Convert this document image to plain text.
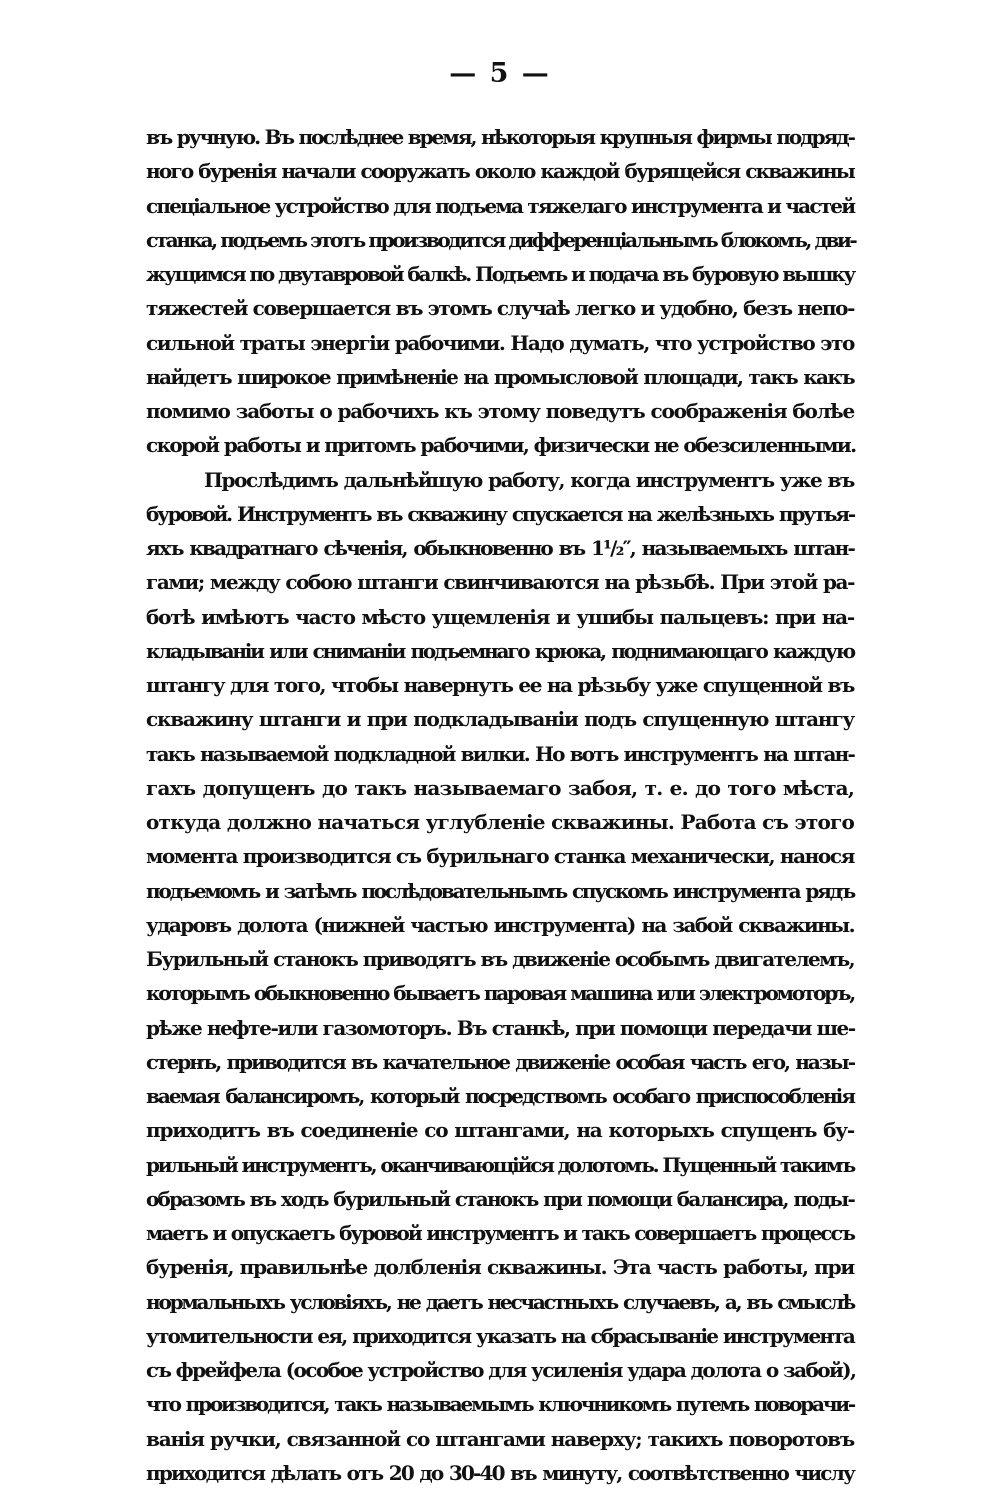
— 5 —
въ ручную. Въ послѣднее время, нѣкоторыя крупныя фирмы подряд-
ного буренія начали сооружать около каждой бурящейся скважины
спеціальное устройство для подъема тяжелаго инструмента и частей
станка, подъемъ этотъ производится дифференціальнымъ блокомъ, дви-
жущимся по двутавровой балкѣ. Подъемъ и подача въ буровую вышку
тяжестей совершается въ этомъ случаѣ легко и удобно, безъ непо-
сильной траты энергіи рабочими. Надо думать, что устройство это
найдетъ широкое примѣненіе на промысловой площади, такъ какъ
помимо заботы о рабочихъ къ этому поведутъ соображенія болѣе
скорой работы и притомъ рабочими, физически не обезсиленными.
Прослѣдимъ дальнѣйшую работу, когда инструментъ уже въ
буровой. Инструментъ въ скважину спускается на желѣзныхъ прутья-
яхъ квадратнаго сѣченія, обыкновенно въ 1¹/₂″, называемыхъ штан-
гами; между собою штанги свинчиваются на рѣзьбѣ. При этой ра-
ботѣ имѣютъ часто мѣсто ущемленія и ушибы пальцевъ: при на-
кладываніи или сниманіи подъемнаго крюка, поднимающаго каждую
штангу для того, чтобы навернуть ее на рѣзьбу уже спущенной въ
скважину штанги и при подкладываніи подъ спущенную штангу
такъ называемой подкладной вилки. Но вотъ инструментъ на штан-
гахъ допущенъ до такъ называемаго забоя, т. е. до того мѣста,
откуда должно начаться углубленіе скважины. Работа съ этого
момента производится съ бурильнаго станка механически, нанося
подъемомъ и затѣмъ послѣдовательнымъ спускомъ инструмента рядъ
ударовъ долота (нижней частью инструмента) на забой скважины.
Бурильный станокъ приводятъ въ движеніе особымъ двигателемъ,
которымъ обыкновенно бываетъ паровая машина или электромоторъ,
рѣже нефте-или газомоторъ. Въ станкѣ, при помощи передачи ше-
стернъ, приводится въ качательное движеніе особая часть его, назы-
ваемая балансиромъ, который посредствомъ особаго приспособленія
приходитъ въ соединеніе со штангами, на которыхъ спущенъ бу-
рильный инструментъ, оканчивающійся долотомъ. Пущенный такимъ
образомъ въ ходъ бурильный станокъ при помощи балансира, поды-
маетъ и опускаетъ буровой инструментъ и такъ совершаетъ процессъ
буренія, правильнѣе долбленія скважины. Эта часть работы, при
нормальныхъ условіяхъ, не даетъ несчастныхъ случаевъ, а, въ смыслѣ
утомительности ея, приходится указать на сбрасываніе инструмента
съ фрейфела (особое устройство для усиленія удара долота о забой),
что производится, такъ называемымъ ключникомъ путемъ поворачи-
ванія ручки, связанной со штангами наверху; такихъ поворотовъ
приходится дѣлать отъ 20 до 30-40 въ минуту, соотвѣтственно числу
